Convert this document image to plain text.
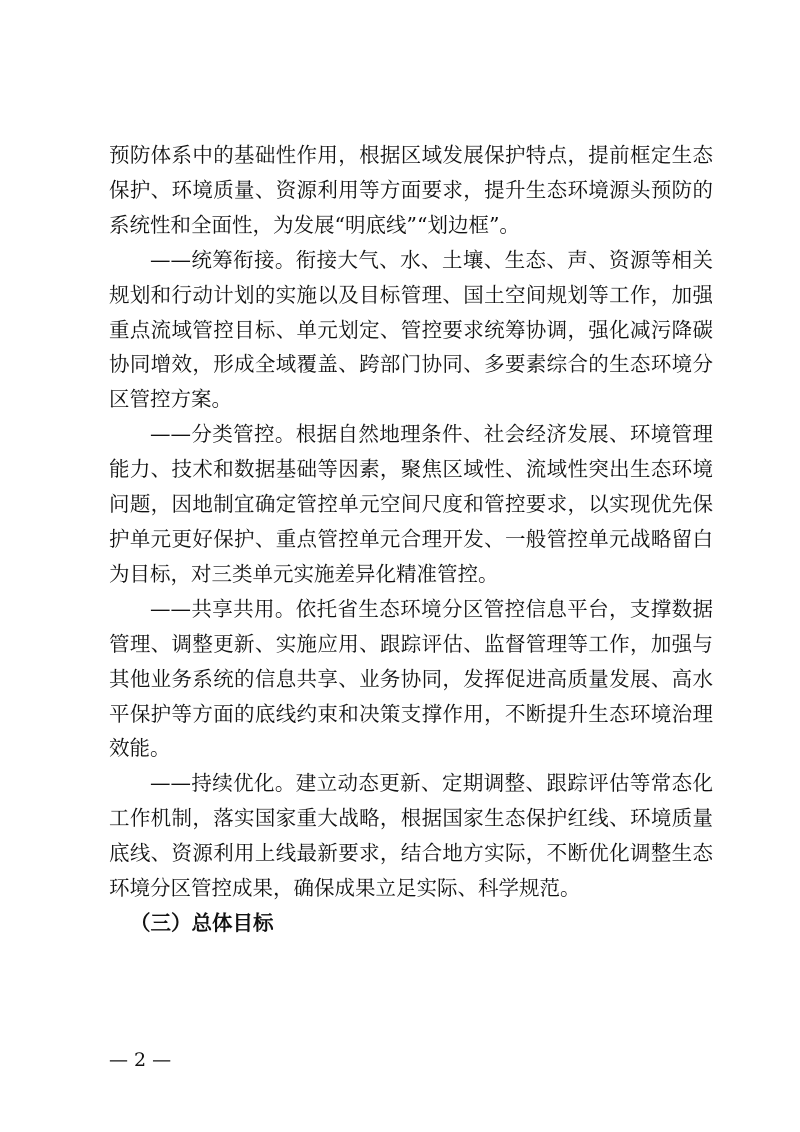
预防体系中的基础性作用，根据区域发展保护特点，提前框定生态保护、环境质量、资源利用等方面要求，提升生态环境源头预防的系统性和全面性，为发展“明底线”“划边框”。

——统筹衔接。衔接大气、水、土壤、生态、声、资源等相关规划和行动计划的实施以及目标管理、国土空间规划等工作，加强重点流域管控目标、单元划定、管控要求统筹协调，强化减污降碳协同增效，形成全域覆盖、跨部门协同、多要素综合的生态环境分区管控方案。

——分类管控。根据自然地理条件、社会经济发展、环境管理能力、技术和数据基础等因素，聚焦区域性、流域性突出生态环境问题，因地制宜确定管控单元空间尺度和管控要求，以实现优先保护单元更好保护、重点管控单元合理开发、一般管控单元战略留白为目标，对三类单元实施差异化精准管控。

——共享共用。依托省生态环境分区管控信息平台，支撑数据管理、调整更新、实施应用、跟踪评估、监督管理等工作，加强与其他业务系统的信息共享、业务协同，发挥促进高质量发展、高水平保护等方面的底线约束和决策支撑作用，不断提升生态环境治理效能。

——持续优化。建立动态更新、定期调整、跟踪评估等常态化工作机制，落实国家重大战略，根据国家生态保护红线、环境质量底线、资源利用上线最新要求，结合地方实际，不断优化调整生态环境分区管控成果，确保成果立足实际、科学规范。

（三）总体目标

— 2 —
